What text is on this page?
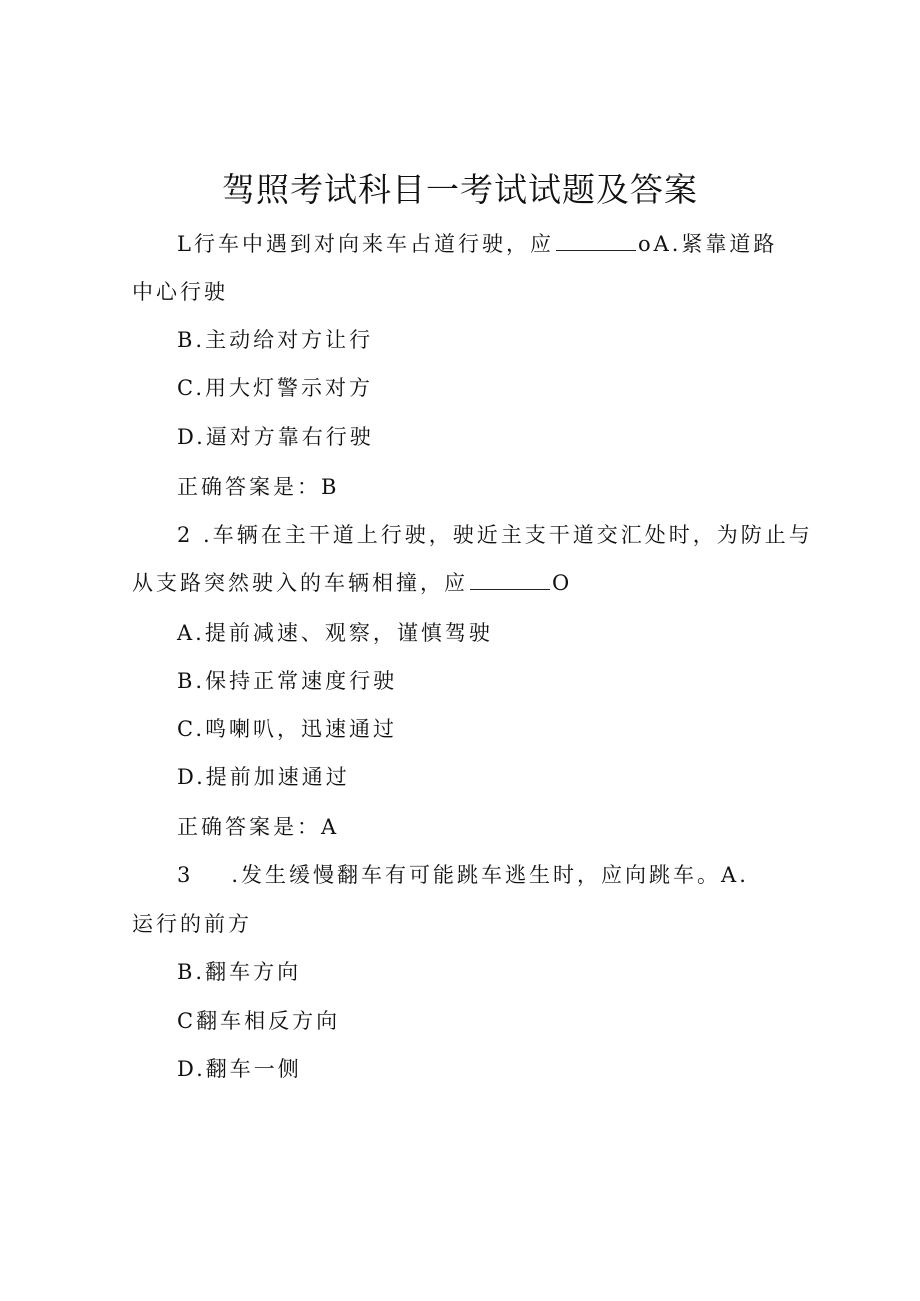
驾照考试科目一考试试题及答案
L行车中遇到对向来车占道行驶，应	oA.紧靠道路
中心行驶
B.主动给对方让行
C.用大灯警示对方
D.逼对方靠右行驶
正确答案是：B
2 .车辆在主干道上行驶，驶近主支干道交汇处时，为防止与
从支路突然驶入的车辆相撞，应	O
A.提前减速、观察，谨慎驾驶
B.保持正常速度行驶
C.鸣喇叭，迅速通过
D.提前加速通过
正确答案是：A
3 .发生缓慢翻车有可能跳车逃生时，应向跳车。A.
运行的前方
B.翻车方向
C翻车相反方向
D.翻车一侧
